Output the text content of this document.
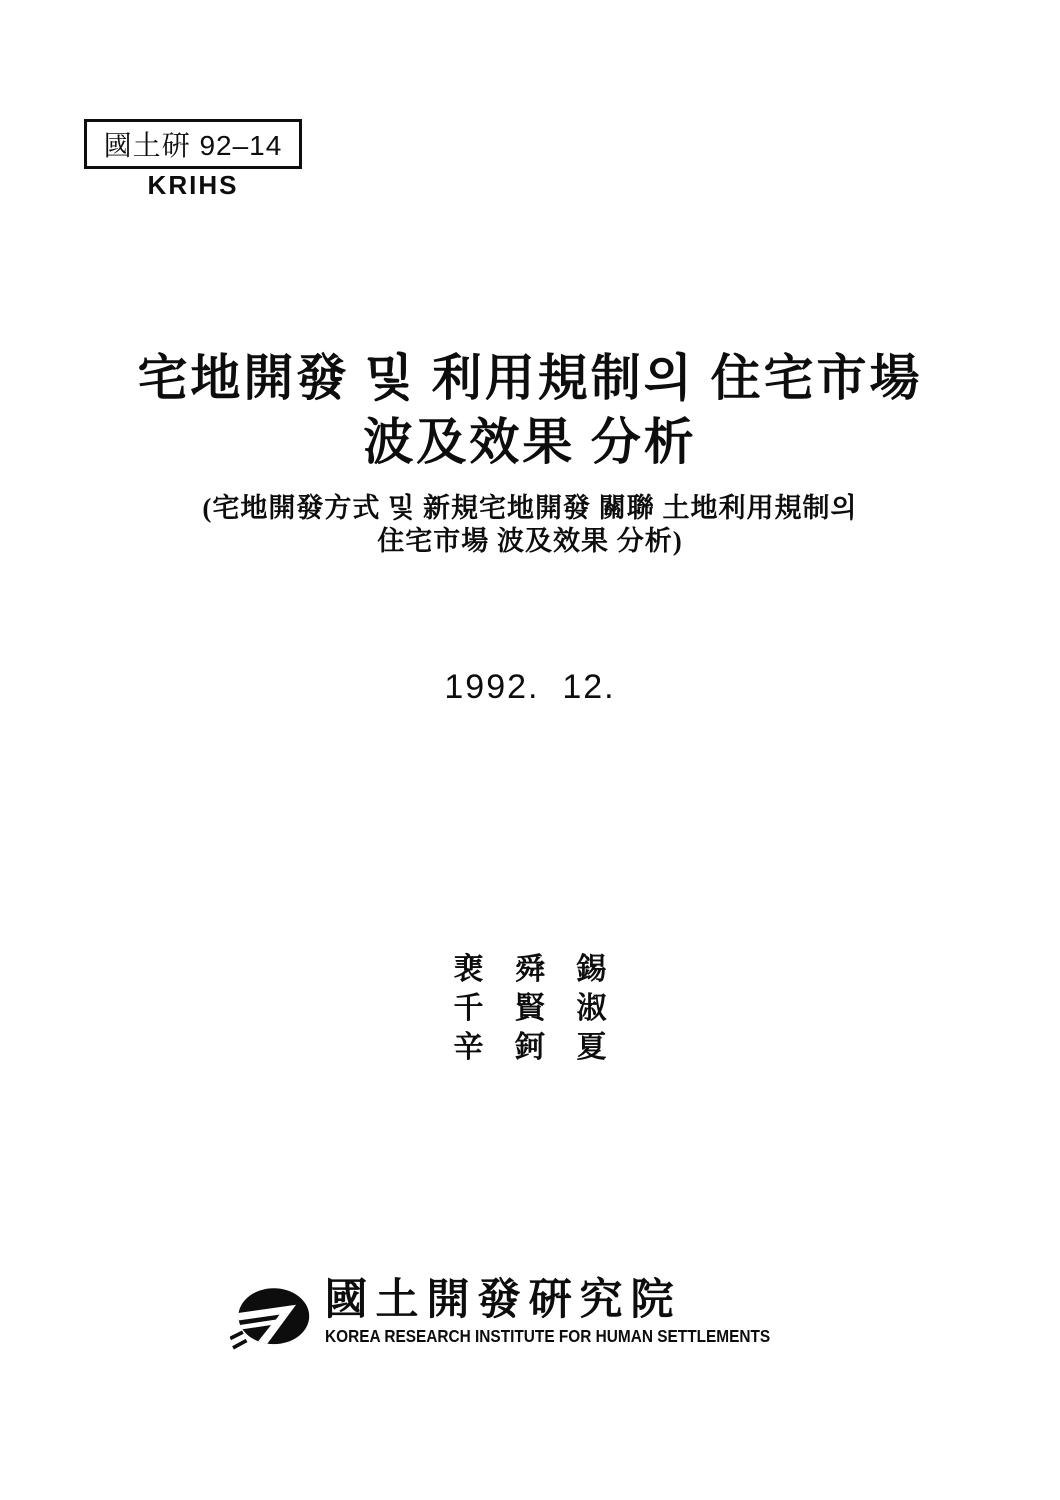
國土硏 92–14
KRIHS
宅地開發 및 利用規制의 住宅市場
波及效果 分析
(宅地開發方式 및 新規宅地開發 關聯 土地利用規制의
住宅市場 波及效果 分析)
1992.  12.
裵 舜 錫
千 賢 淑
辛 鈳 夏
國土開發硏究院
KOREA RESEARCH INSTITUTE FOR HUMAN SETTLEMENTS
